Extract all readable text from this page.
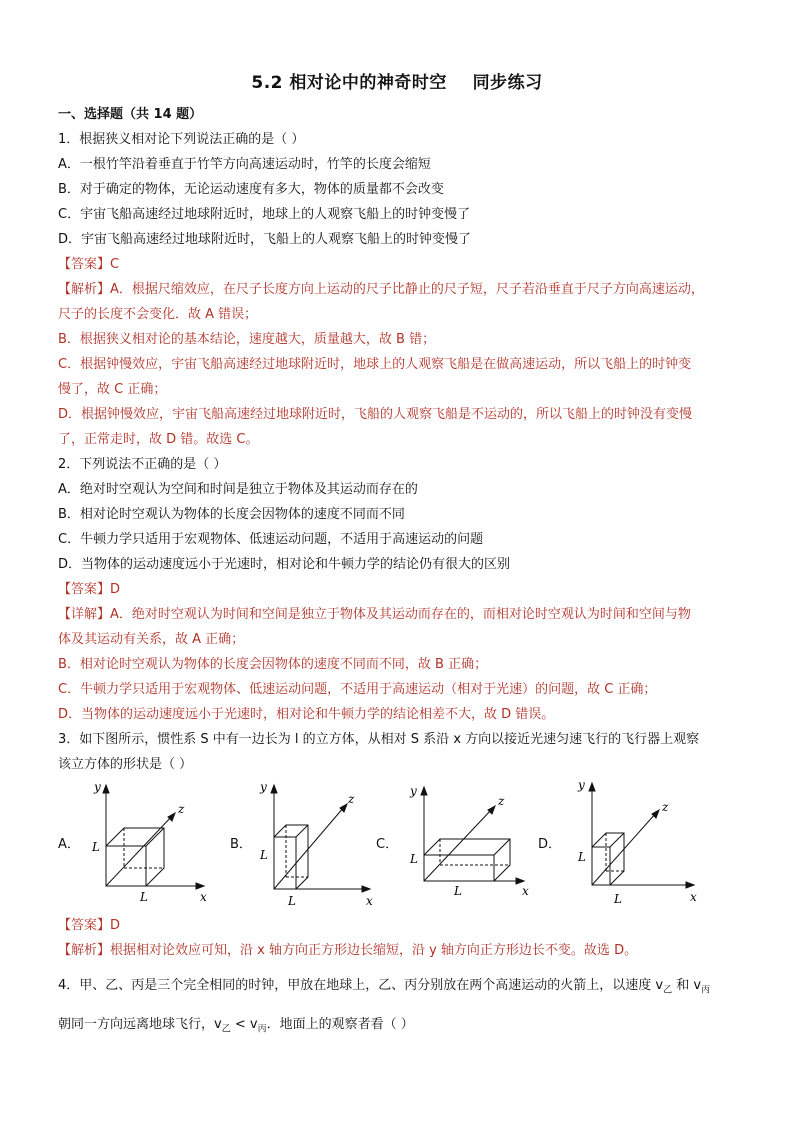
5.2 相对论中的神奇时空    同步练习
一、选择题（共 14 题）
1．根据狭义相对论下列说法正确的是（ ）
A．一根竹竿沿着垂直于竹竿方向高速运动时，竹竿的长度会缩短
B．对于确定的物体，无论运动速度有多大，物体的质量都不会改变
C．宇宙飞船高速经过地球附近时，地球上的人观察飞船上的时钟变慢了
D．宇宙飞船高速经过地球附近时，飞船上的人观察飞船上的时钟变慢了
【答案】C
【解析】A．根据尺缩效应，在尺子长度方向上运动的尺子比静止的尺子短，尺子若沿垂直于尺子方向高速运动，
尺子的长度不会变化．故 A 错误；
B．根据狭义相对论的基本结论，速度越大，质量越大，故 B 错；
C．根据钟慢效应，宇宙飞船高速经过地球附近时，地球上的人观察飞船是在做高速运动，所以飞船上的时钟变
慢了，故 C 正确；
D．根据钟慢效应，宇宙飞船高速经过地球附近时，飞船的人观察飞船是不运动的，所以飞船上的时钟没有变慢
了，正常走时，故 D 错。故选 C。
2．下列说法不正确的是（ ）
A．绝对时空观认为空间和时间是独立于物体及其运动而存在的
B．相对论时空观认为物体的长度会因物体的速度不同而不同
C．牛顿力学只适用于宏观物体、低速运动问题，不适用于高速运动的问题
D．当物体的运动速度远小于光速时，相对论和牛顿力学的结论仍有很大的区别
【答案】D
【详解】A．绝对时空观认为时间和空间是独立于物体及其运动而存在的，而相对论时空观认为时间和空间与物
体及其运动有关系，故 A 正确；
B．相对论时空观认为物体的长度会因物体的速度不同而不同，故 B 正确；
C．牛顿力学只适用于宏观物体、低速运动问题，不适用于高速运动（相对于光速）的问题，故 C 正确；
D．当物体的运动速度远小于光速时，相对论和牛顿力学的结论相差不大，故 D 错误。
3．如下图所示，惯性系 S 中有一边长为 l 的立方体，从相对 S 系沿 x 方向以接近光速匀速飞行的飞行器上观察
该立方体的形状是（ ）
A．
y
x
z
L
L
B．
y
x
z
L
L
C．
y
x
z
L
L
D．
y
x
z
L
L
【答案】D
【解析】根据相对论效应可知，沿 x 轴方向正方形边长缩短，沿 y 轴方向正方形边长不变。故选 D。
4．甲、乙、丙是三个完全相同的时钟，甲放在地球上，乙、丙分别放在两个高速运动的火箭上，以速度 $v_乙$ 和 $v_丙$
朝同一方向远离地球飞行，$v_乙 < v_丙$．地面上的观察者看（ ）
